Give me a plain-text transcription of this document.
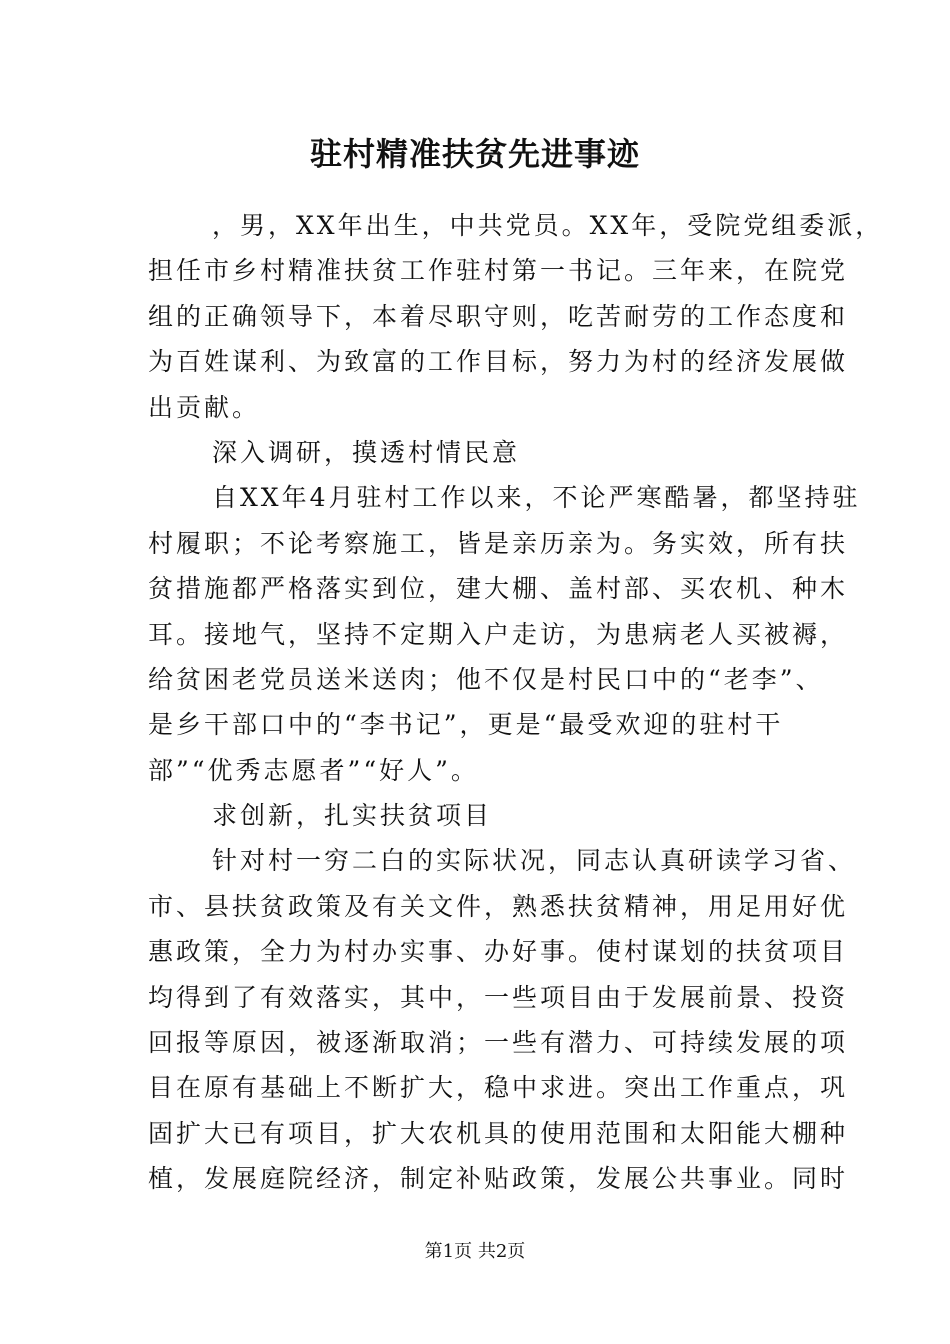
驻村精准扶贫先进事迹
，男，XX年出生，中共党员。XX年，受院党组委派，
担任市乡村精准扶贫工作驻村第一书记。三年来，在院党
组的正确领导下，本着尽职守则，吃苦耐劳的工作态度和
为百姓谋利、为致富的工作目标，努力为村的经济发展做
出贡献。
深入调研，摸透村情民意
自XX年4月驻村工作以来，不论严寒酷暑，都坚持驻
村履职；不论考察施工，皆是亲历亲为。务实效，所有扶
贫措施都严格落实到位，建大棚、盖村部、买农机、种木
耳。接地气，坚持不定期入户走访，为患病老人买被褥，
给贫困老党员送米送肉；他不仅是村民口中的“老李”、
是乡干部口中的“李书记”，更是“最受欢迎的驻村干
部”“优秀志愿者”“好人”。
求创新，扎实扶贫项目
针对村一穷二白的实际状况，同志认真研读学习省、
市、县扶贫政策及有关文件，熟悉扶贫精神，用足用好优
惠政策，全力为村办实事、办好事。使村谋划的扶贫项目
均得到了有效落实，其中，一些项目由于发展前景、投资
回报等原因，被逐渐取消；一些有潜力、可持续发展的项
目在原有基础上不断扩大，稳中求进。突出工作重点，巩
固扩大已有项目，扩大农机具的使用范围和太阳能大棚种
植，发展庭院经济，制定补贴政策，发展公共事业。同时
第1页 共2页
